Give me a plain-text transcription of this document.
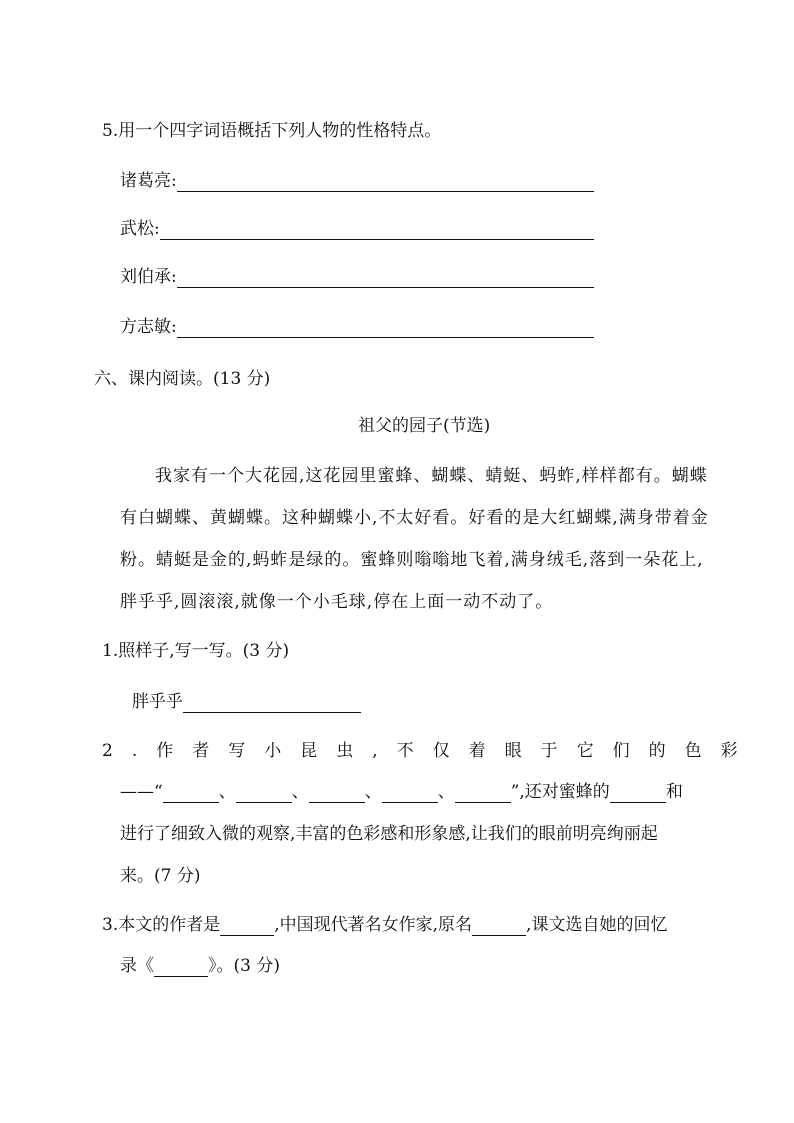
5.用一个四字词语概括下列人物的性格特点。
诸葛亮:
武松:
刘伯承:
方志敏:
六、课内阅读。(13 分)
祖父的园子(节选)
我家有一个大花园,这花园里蜜蜂、蝴蝶、蜻蜓、蚂蚱,样样都有。蝴蝶
有白蝴蝶、黄蝴蝶。这种蝴蝶小,不太好看。好看的是大红蝴蝶,满身带着金
粉。蜻蜓是金的,蚂蚱是绿的。蜜蜂则嗡嗡地飞着,满身绒毛,落到一朵花上,
胖乎乎,圆滚滚,就像一个小毛球,停在上面一动不动了。
1.照样子,写一写。(3 分)
胖乎乎
2.作者写小昆虫,不仅着眼于它们的色彩
——“	、	、	、	、	”,还对蜜蜂的	和
进行了细致入微的观察,丰富的色彩感和形象感,让我们的眼前明亮绚丽起
来。(7 分)
3.本文的作者是	,中国现代著名女作家,原名	,课文选自她的回忆
录《	》。(3 分)
